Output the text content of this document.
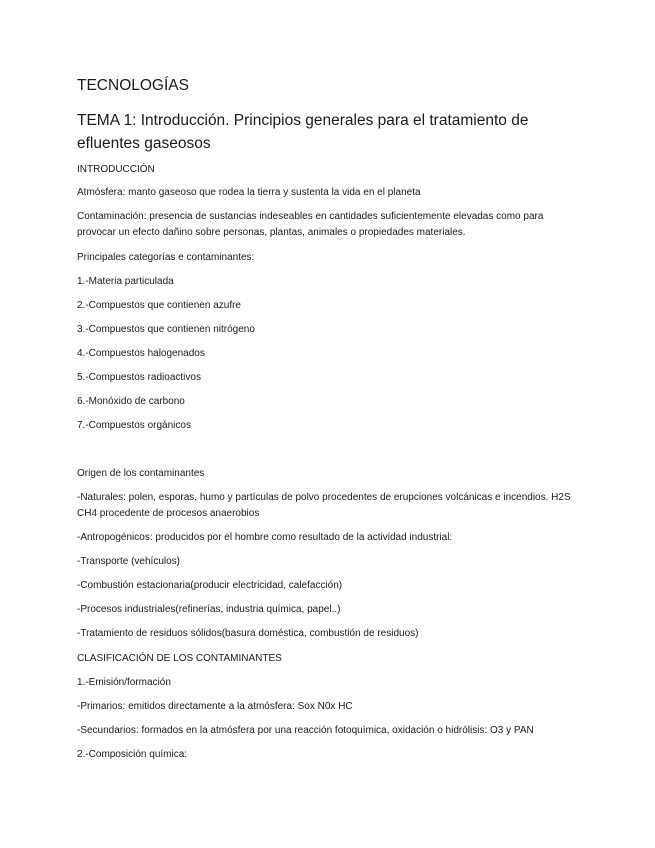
TECNOLOGÍAS
TEMA 1: Introducción. Principios generales para el tratamiento de efluentes gaseosos

INTRODUCCIÓN

Atmósfera: manto gaseoso que rodea la tierra y sustenta la vida en el planeta

Contaminación: presencia de sustancias indeseables en cantidades suficientemente elevadas como para provocar un efecto dañino sobre personas, plantas, animales o propiedades materiales.

Principales categorías e contaminantes:

1.-Materia particulada

2.-Compuestos que contienen azufre

3.-Compuestos que contienen nitrógeno

4.-Compuestos halogenados

5.-Compuestos radioactivos

6.-Monóxido de carbono

7.-Compuestos orgánicos

Origen de los contaminantes

-Naturales: polen, esporas, humo y partículas de polvo procedentes de erupciones volcánicas e incendios. H2S CH4 procedente de procesos anaerobios

-Antropogénicos: producidos por el hombre como resultado de la actividad industrial:

-Transporte (vehículos)

-Combustión estacionaria(producir electricidad, calefacción)

-Procesos industriales(refinerías, industria química, papel..)

-Tratamiento de residuos sólidos(basura doméstica, combustión de residuos)

CLASIFICACIÓN DE LOS CONTAMINANTES

1.-Emisión/formación

-Primarios: emitidos directamente a la atmósfera: Sox N0x HC

-Secundarios: formados en la atmósfera por una reacción fotoquímica, oxidación o hidrólisis: O3 y PAN

2.-Composición química:
